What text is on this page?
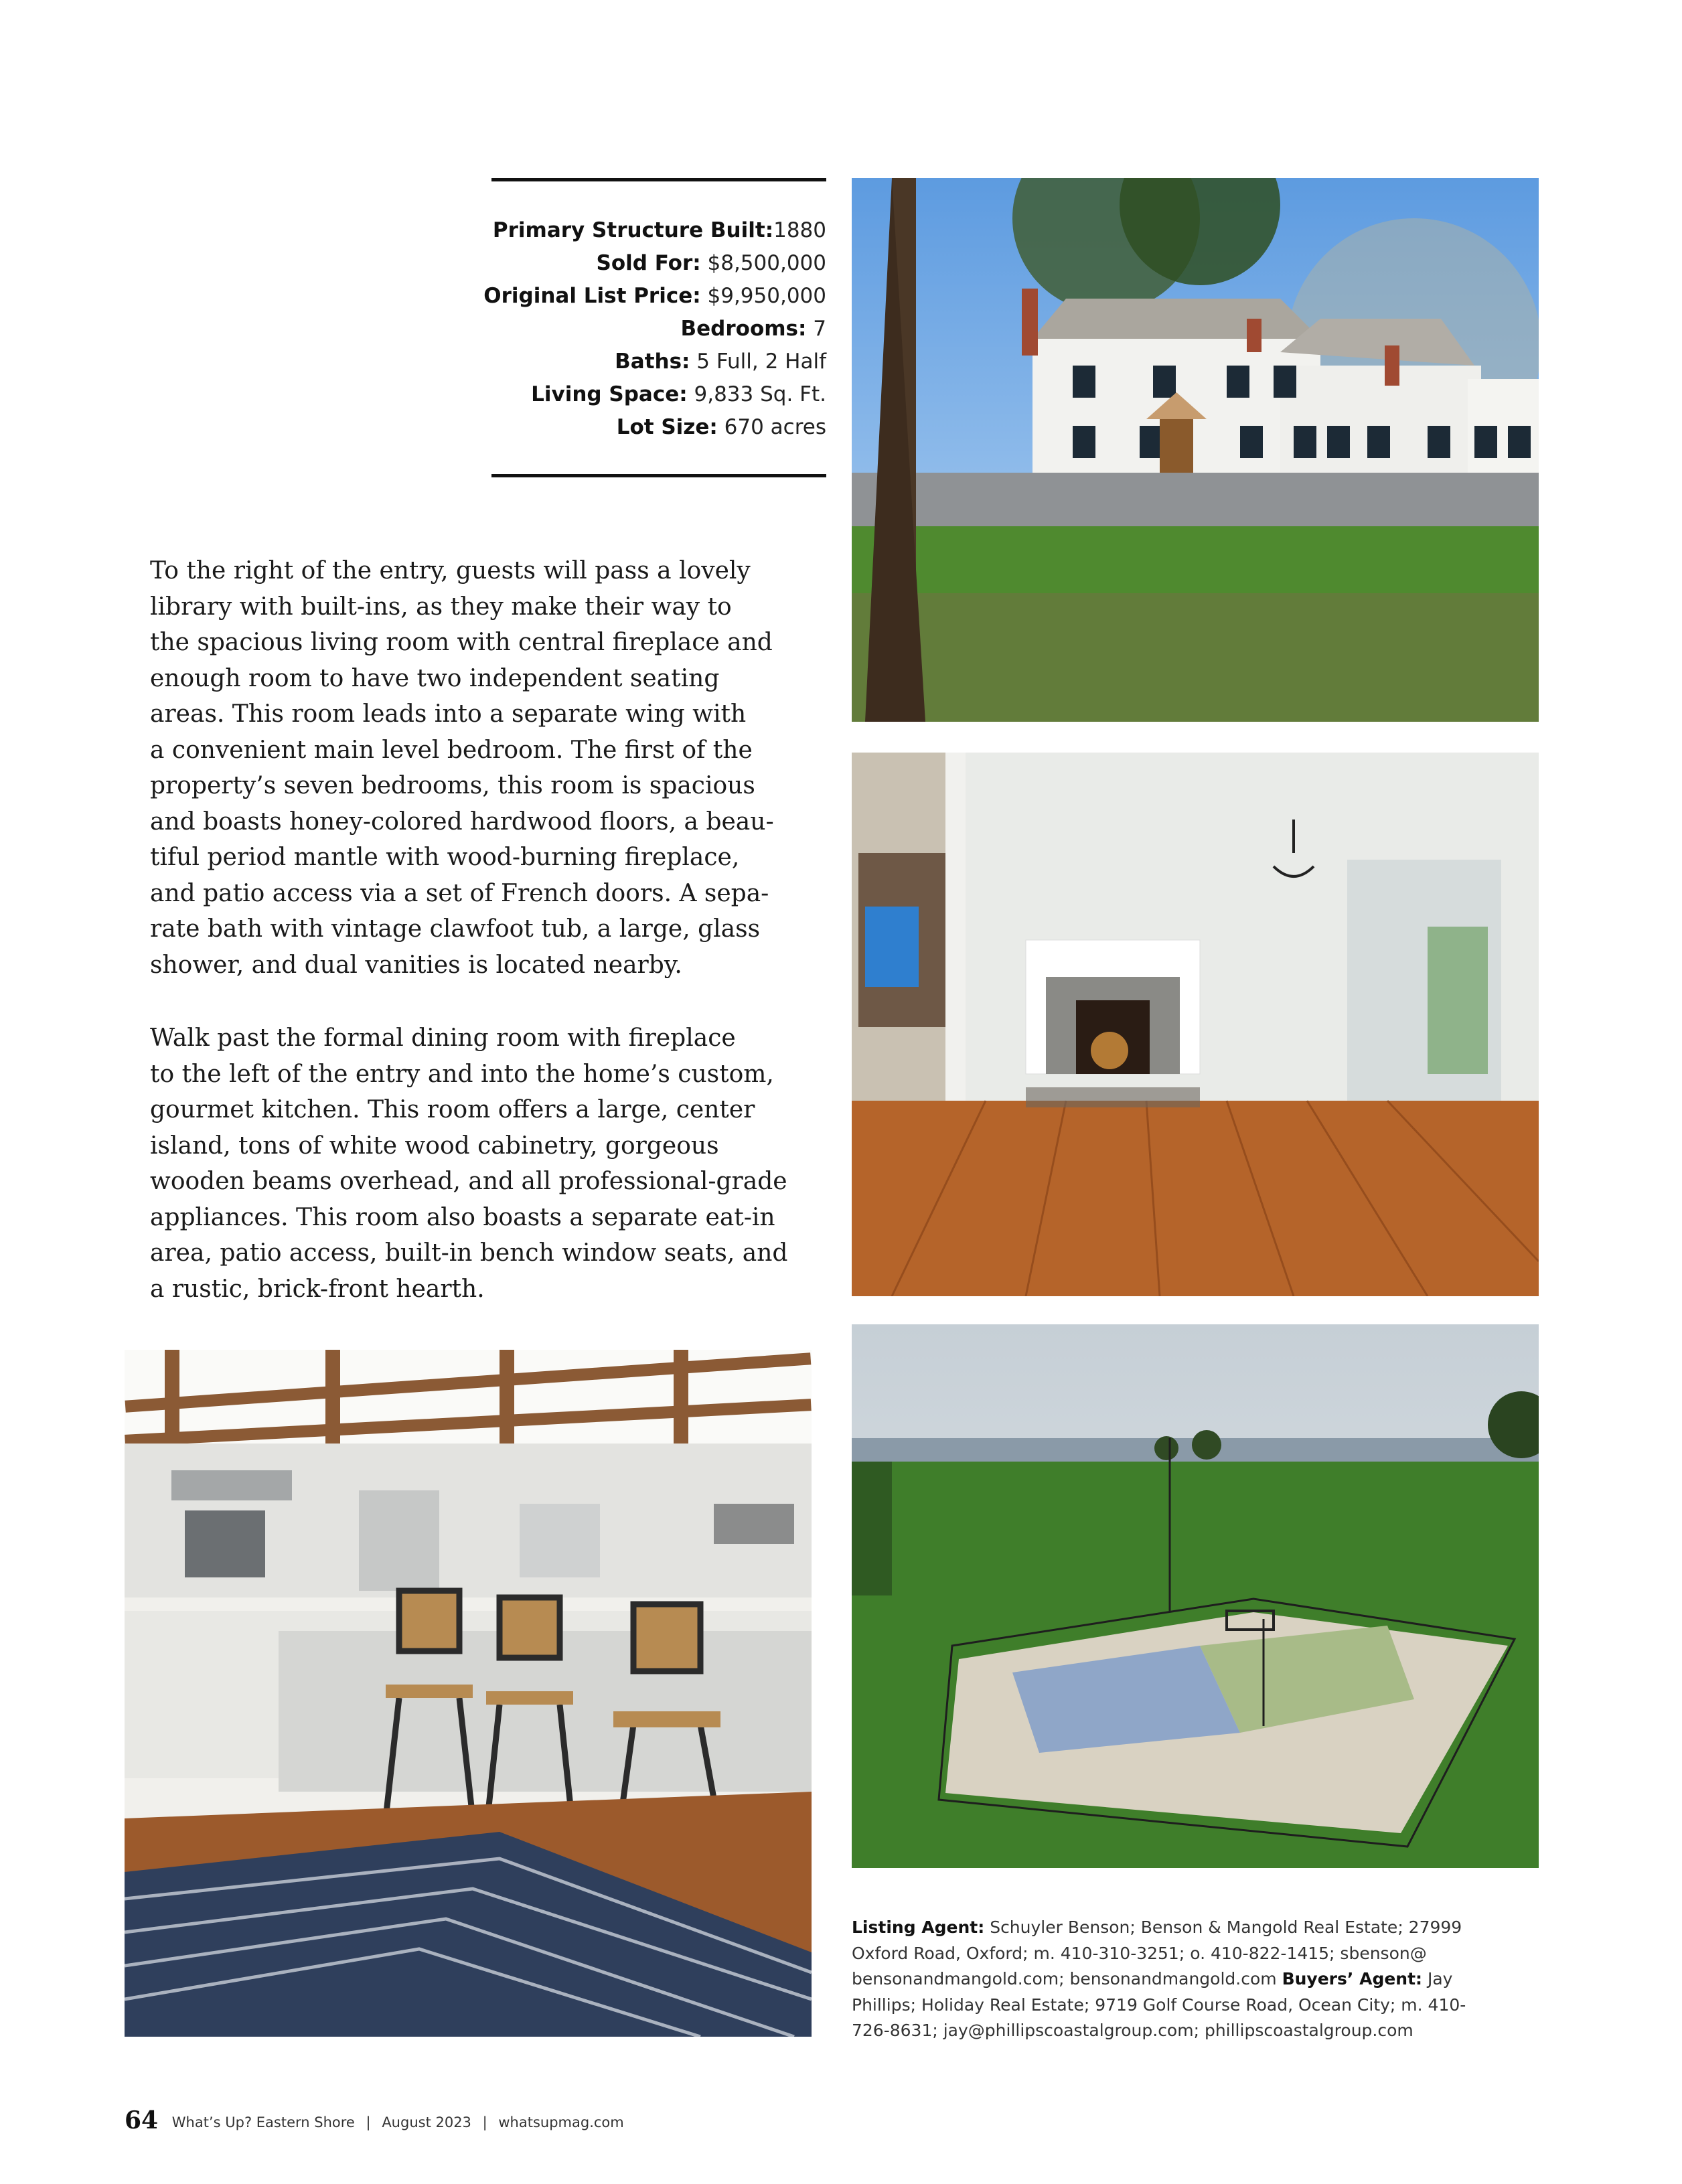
Primary Structure Built:1880
Sold For: $8,500,000
Original List Price: $9,950,000
Bedrooms: 7
Baths: 5 Full, 2 Half
Living Space: 9,833 Sq. Ft.
Lot Size: 670 acres
To the right of the entry, guests will pass a lovely
library with built-ins, as they make their way to
the spacious living room with central fireplace and
enough room to have two independent seating
areas. This room leads into a separate wing with
a convenient main level bedroom. The first of the
property’s seven bedrooms, this room is spacious
and boasts honey-colored hardwood floors, a beau-
tiful period mantle with wood-burning fireplace,
and patio access via a set of French doors. A sepa-
rate bath with vintage clawfoot tub, a large, glass
shower, and dual vanities is located nearby.
Walk past the formal dining room with fireplace
to the left of the entry and into the home’s custom,
gourmet kitchen. This room offers a large, center
island, tons of white wood cabinetry, gorgeous
wooden beams overhead, and all professional-grade
appliances. This room also boasts a separate eat-in
area, patio access, built-in bench window seats, and
a rustic, brick-front hearth.
Listing Agent: Schuyler Benson; Benson & Mangold Real Estate; 27999
Oxford Road, Oxford; m. 410-310-3251; o. 410-822-1415; sbenson@
bensonandmangold.com; bensonandmangold.com Buyers’ Agent: Jay
Phillips; Holiday Real Estate; 9719 Golf Course Road, Ocean City; m. 410-
726-8631; jay@phillipscoastalgroup.com; phillipscoastalgroup.com
64 What’s Up? Eastern Shore | August 2023 | whatsupmag.com
